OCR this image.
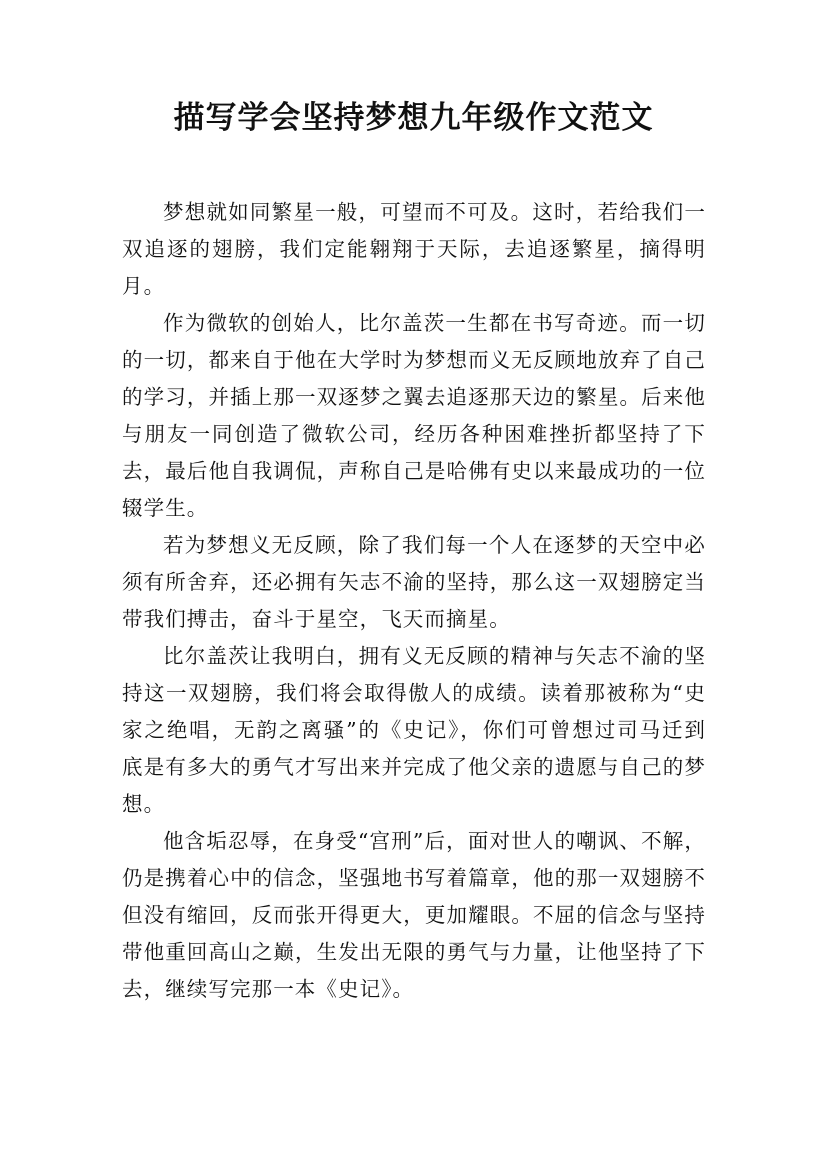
描写学会坚持梦想九年级作文范文

梦想就如同繁星一般，可望而不可及。这时，若给我们一双追逐的翅膀，我们定能翱翔于天际，去追逐繁星，摘得明月。

作为微软的创始人，比尔盖茨一生都在书写奇迹。而一切的一切，都来自于他在大学时为梦想而义无反顾地放弃了自己的学习，并插上那一双逐梦之翼去追逐那天边的繁星。后来他与朋友一同创造了微软公司，经历各种困难挫折都坚持了下去，最后他自我调侃，声称自己是哈佛有史以来最成功的一位辍学生。

若为梦想义无反顾，除了我们每一个人在逐梦的天空中必须有所舍弃，还必拥有矢志不渝的坚持，那么这一双翅膀定当带我们搏击，奋斗于星空，飞天而摘星。

比尔盖茨让我明白，拥有义无反顾的精神与矢志不渝的坚持这一双翅膀，我们将会取得傲人的成绩。读着那被称为“史家之绝唱，无韵之离骚”的《史记》，你们可曾想过司马迁到底是有多大的勇气才写出来并完成了他父亲的遗愿与自己的梦想。

他含垢忍辱，在身受“宫刑”后，面对世人的嘲讽、不解，仍是携着心中的信念，坚强地书写着篇章，他的那一双翅膀不但没有缩回，反而张开得更大，更加耀眼。不屈的信念与坚持带他重回高山之巅，生发出无限的勇气与力量，让他坚持了下去，继续写完那一本《史记》。
